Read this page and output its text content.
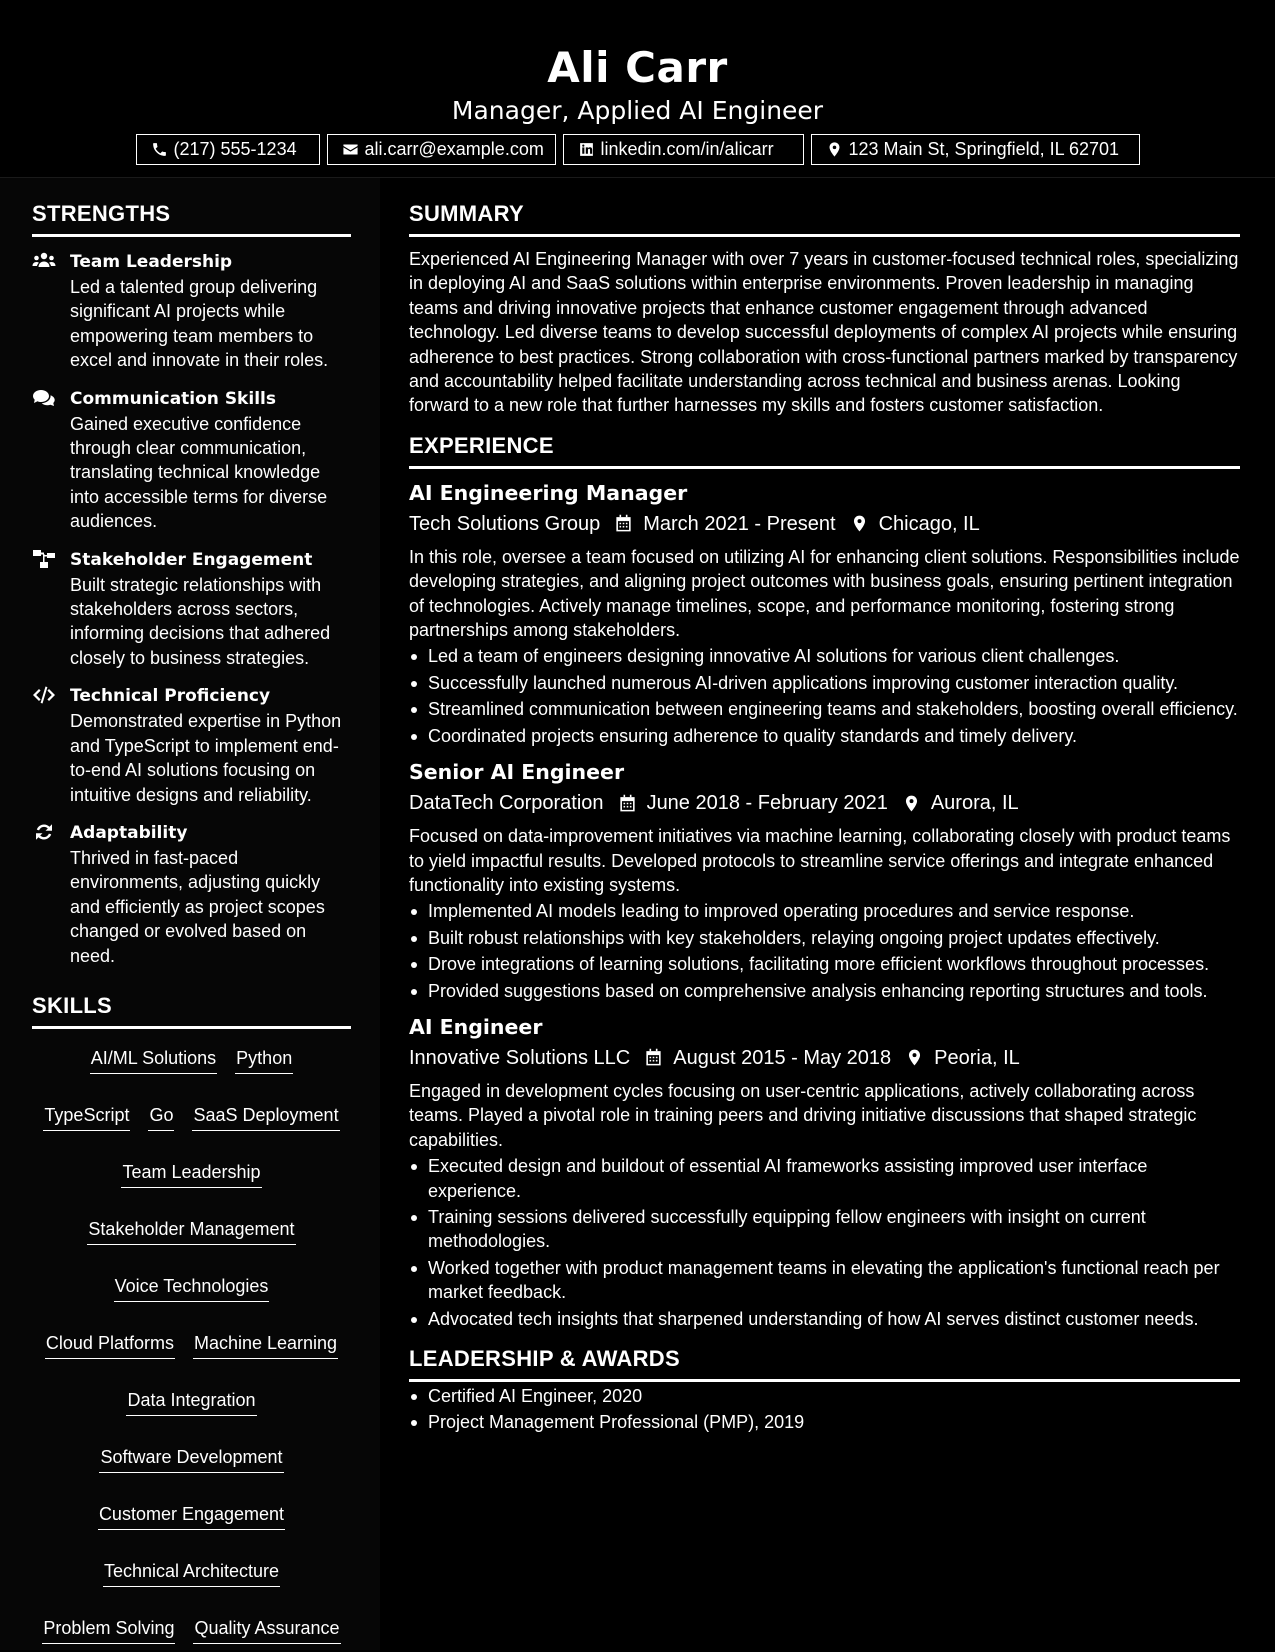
Ali Carr
Manager, Applied AI Engineer
(217) 555-1234	ali.carr@example.com	linkedin.com/in/alicarr	123 Main St, Springfield, IL 62701
STRENGTHS
Team Leadership
Led a talented group delivering significant AI projects while empowering team members to excel and innovate in their roles.
Communication Skills
Gained executive confidence through clear communication, translating technical knowledge into accessible terms for diverse audiences.
Stakeholder Engagement
Built strategic relationships with stakeholders across sectors, informing decisions that adhered closely to business strategies.
Technical Proficiency
Demonstrated expertise in Python and TypeScript to implement end-to-end AI solutions focusing on intuitive designs and reliability.
Adaptability
Thrived in fast-paced environments, adjusting quickly and efficiently as project scopes changed or evolved based on need.
SKILLS
AI/ML Solutions Python
TypeScript Go SaaS Deployment
Team Leadership
Stakeholder Management
Voice Technologies
Cloud Platforms Machine Learning
Data Integration
Software Development
Customer Engagement
Technical Architecture
Problem Solving Quality Assurance
SUMMARY
Experienced AI Engineering Manager with over 7 years in customer-focused technical roles, specializing in deploying AI and SaaS solutions within enterprise environments. Proven leadership in managing teams and driving innovative projects that enhance customer engagement through advanced technology. Led diverse teams to develop successful deployments of complex AI projects while ensuring adherence to best practices. Strong collaboration with cross-functional partners marked by transparency and accountability helped facilitate understanding across technical and business arenas. Looking forward to a new role that further harnesses my skills and fosters customer satisfaction.
EXPERIENCE
AI Engineering Manager
Tech Solutions Group March 2021 - Present Chicago, IL
In this role, oversee a team focused on utilizing AI for enhancing client solutions. Responsibilities include developing strategies, and aligning project outcomes with business goals, ensuring pertinent integration of technologies. Actively manage timelines, scope, and performance monitoring, fostering strong partnerships among stakeholders.
Led a team of engineers designing innovative AI solutions for various client challenges.
Successfully launched numerous AI-driven applications improving customer interaction quality.
Streamlined communication between engineering teams and stakeholders, boosting overall efficiency.
Coordinated projects ensuring adherence to quality standards and timely delivery.
Senior AI Engineer
DataTech Corporation June 2018 - February 2021 Aurora, IL
Focused on data-improvement initiatives via machine learning, collaborating closely with product teams to yield impactful results. Developed protocols to streamline service offerings and integrate enhanced functionality into existing systems.
Implemented AI models leading to improved operating procedures and service response.
Built robust relationships with key stakeholders, relaying ongoing project updates effectively.
Drove integrations of learning solutions, facilitating more efficient workflows throughout processes.
Provided suggestions based on comprehensive analysis enhancing reporting structures and tools.
AI Engineer
Innovative Solutions LLC August 2015 - May 2018 Peoria, IL
Engaged in development cycles focusing on user-centric applications, actively collaborating across teams. Played a pivotal role in training peers and driving initiative discussions that shaped strategic capabilities.
Executed design and buildout of essential AI frameworks assisting improved user interface experience.
Training sessions delivered successfully equipping fellow engineers with insight on current methodologies.
Worked together with product management teams in elevating the application's functional reach per market feedback.
Advocated tech insights that sharpened understanding of how AI serves distinct customer needs.
LEADERSHIP & AWARDS
Certified AI Engineer, 2020
Project Management Professional (PMP), 2019
